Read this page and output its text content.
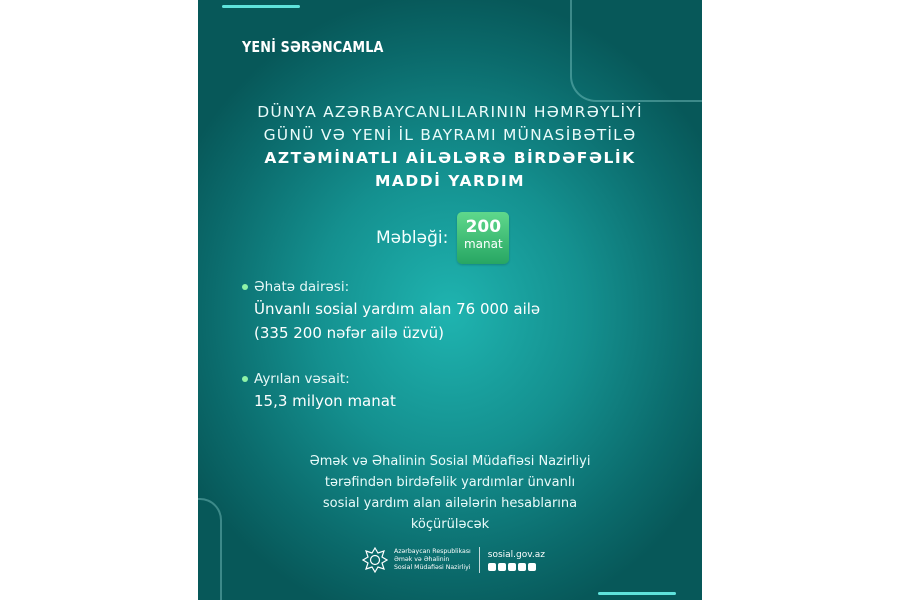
YENİ SƏRƏNCAMLA
DÜNYA AZƏRBAYCANLILARININ HƏMRƏYLİYİ
GÜNÜ VƏ YENİ İL BAYRAMI MÜNASİBƏTİLƏ
AZTƏMİNATLI AİLƏLƏRƏ BİRDƏFƏLİK
MADDİ YARDIM
Məbləği:
200
manat
Əhatə dairəsi:
Ünvanlı sosial yardım alan 76 000 ailə
(335 200 nəfər ailə üzvü)
Ayrılan vəsait:
15,3 milyon manat
Əmək və Əhalinin Sosial Müdafiəsi Nazirliyi
tərəfindən birdəfəlik yardımlar ünvanlı
sosial yardım alan ailələrin hesablarına
köçürüləcək
Azərbaycan Respublikası
Əmək və Əhalinin
Sosial Müdafiəsi Nazirliyi
sosial.gov.az
